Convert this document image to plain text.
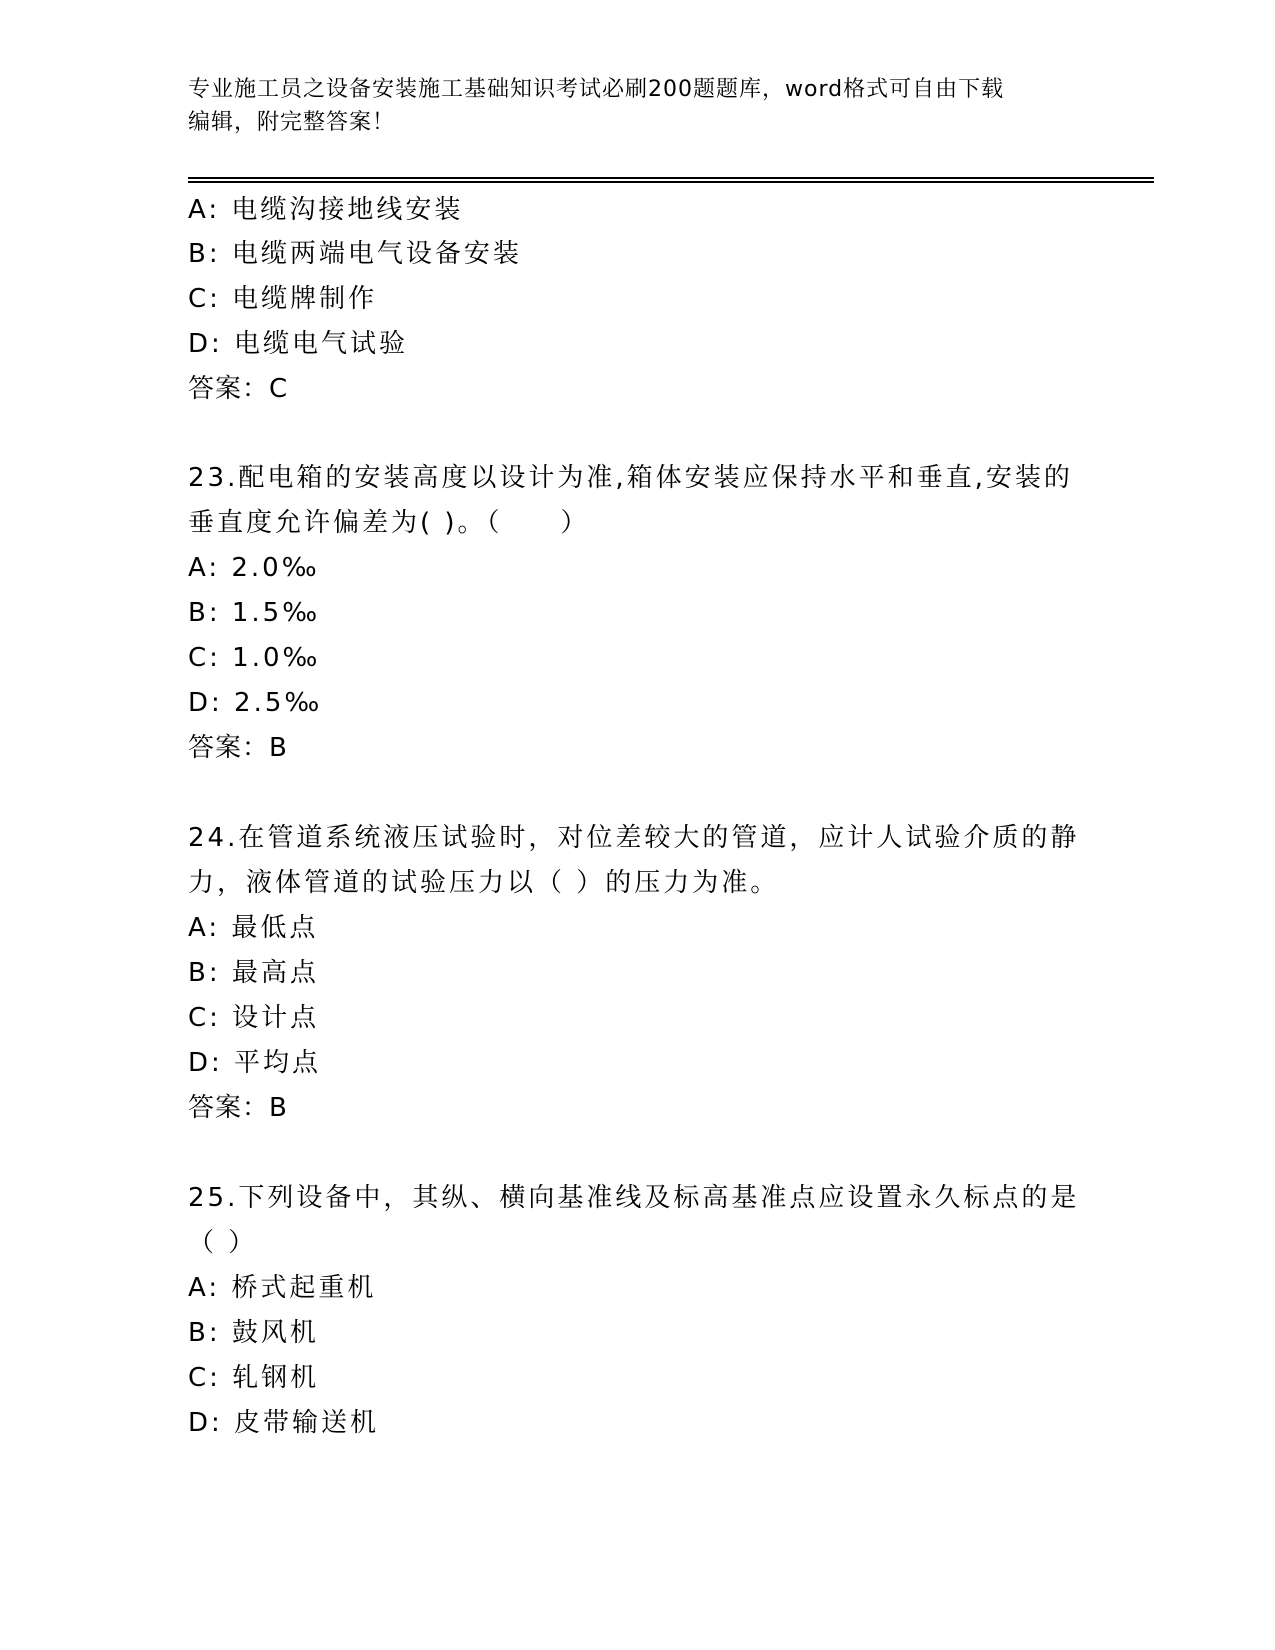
专业施工员之设备安装施工基础知识考试必刷200题题库，word格式可自由下载
编辑，附完整答案！
A: 电缆沟接地线安装
B: 电缆两端电气设备安装
C: 电缆牌制作
D: 电缆电气试验
答案：C
23.配电箱的安装高度以设计为准,箱体安装应保持水平和垂直,安装的
垂直度允许偏差为( )。（　　）
A: 2.0‰
B: 1.5‰
C: 1.0‰
D: 2.5‰
答案：B
24.在管道系统液压试验时，对位差较大的管道，应计人试验介质的静
力，液体管道的试验压力以（ ）的压力为准。
A: 最低点
B: 最高点
C: 设计点
D: 平均点
答案：B
25.下列设备中，其纵、横向基准线及标高基准点应设置永久标点的是
（ ）
A: 桥式起重机
B: 鼓风机
C: 轧钢机
D: 皮带输送机
